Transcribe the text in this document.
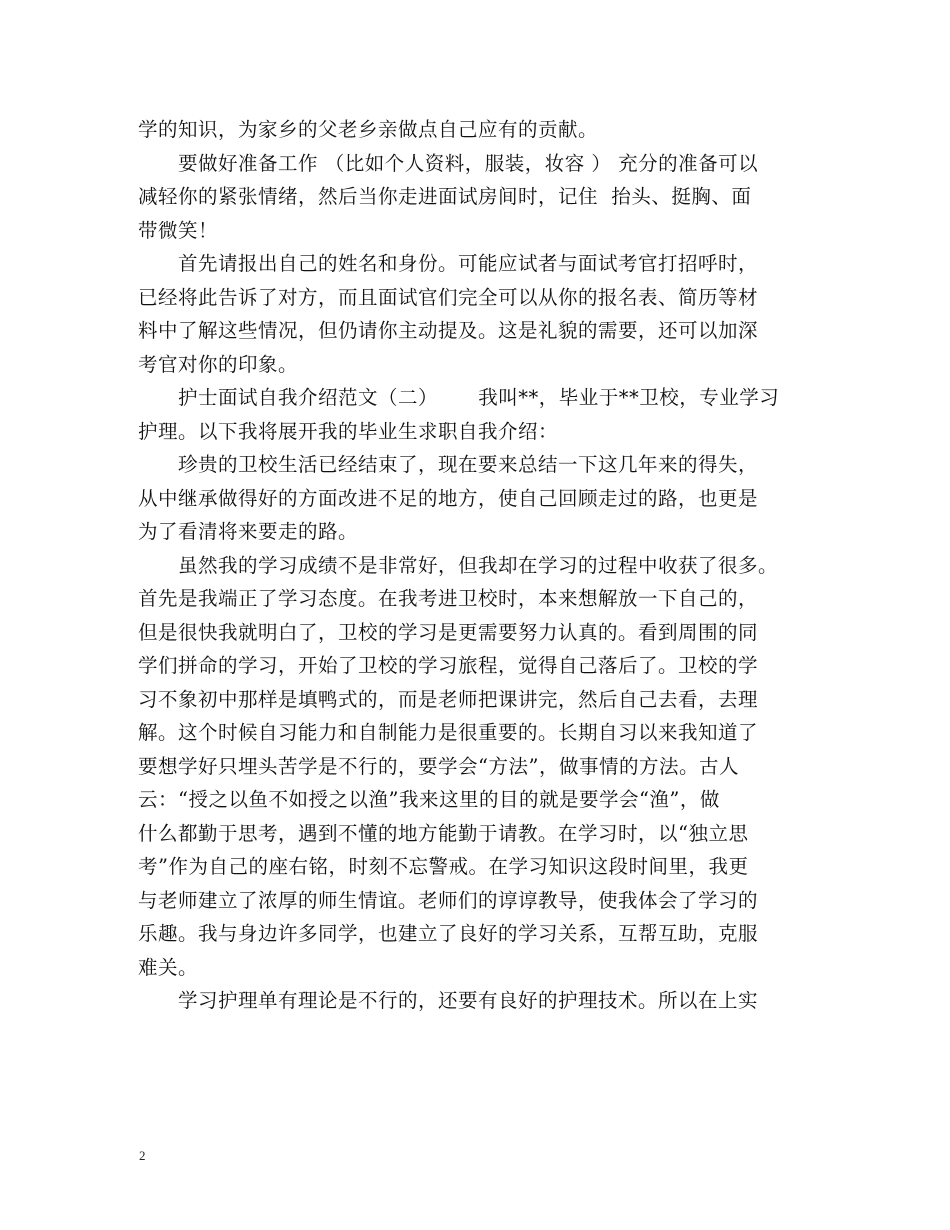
学的知识，为家乡的父老乡亲做点自己应有的贡献。
要做好准备工作 （比如个人资料，服装，妆容 ） 充分的准备可以
减轻你的紧张情绪，然后当你走进面试房间时，记住  抬头、挺胸、面
带微笑！
首先请报出自己的姓名和身份。可能应试者与面试考官打招呼时，
已经将此告诉了对方，而且面试官们完全可以从你的报名表、简历等材
料中了解这些情况，但仍请你主动提及。这是礼貌的需要，还可以加深
考官对你的印象。
护士面试自我介绍范文（二）      我叫**，毕业于**卫校，专业学习
护理。以下我将展开我的毕业生求职自我介绍：
珍贵的卫校生活已经结束了，现在要来总结一下这几年来的得失，
从中继承做得好的方面改进不足的地方，使自己回顾走过的路，也更是
为了看清将来要走的路。
虽然我的学习成绩不是非常好，但我却在学习的过程中收获了很多。
首先是我端正了学习态度。在我考进卫校时，本来想解放一下自己的，
但是很快我就明白了，卫校的学习是更需要努力认真的。看到周围的同
学们拼命的学习，开始了卫校的学习旅程，觉得自己落后了。卫校的学
习不象初中那样是填鸭式的，而是老师把课讲完，然后自己去看，去理
解。这个时候自习能力和自制能力是很重要的。长期自习以来我知道了
要想学好只埋头苦学是不行的，要学会“方法”，做事情的方法。古人
云：“授之以鱼不如授之以渔”我来这里的目的就是要学会“渔”，做
什么都勤于思考，遇到不懂的地方能勤于请教。在学习时，以“独立思
考”作为自己的座右铭，时刻不忘警戒。在学习知识这段时间里，我更
与老师建立了浓厚的师生情谊。老师们的谆谆教导，使我体会了学习的
乐趣。我与身边许多同学，也建立了良好的学习关系，互帮互助，克服
难关。
学习护理单有理论是不行的，还要有良好的护理技术。所以在上实
2
